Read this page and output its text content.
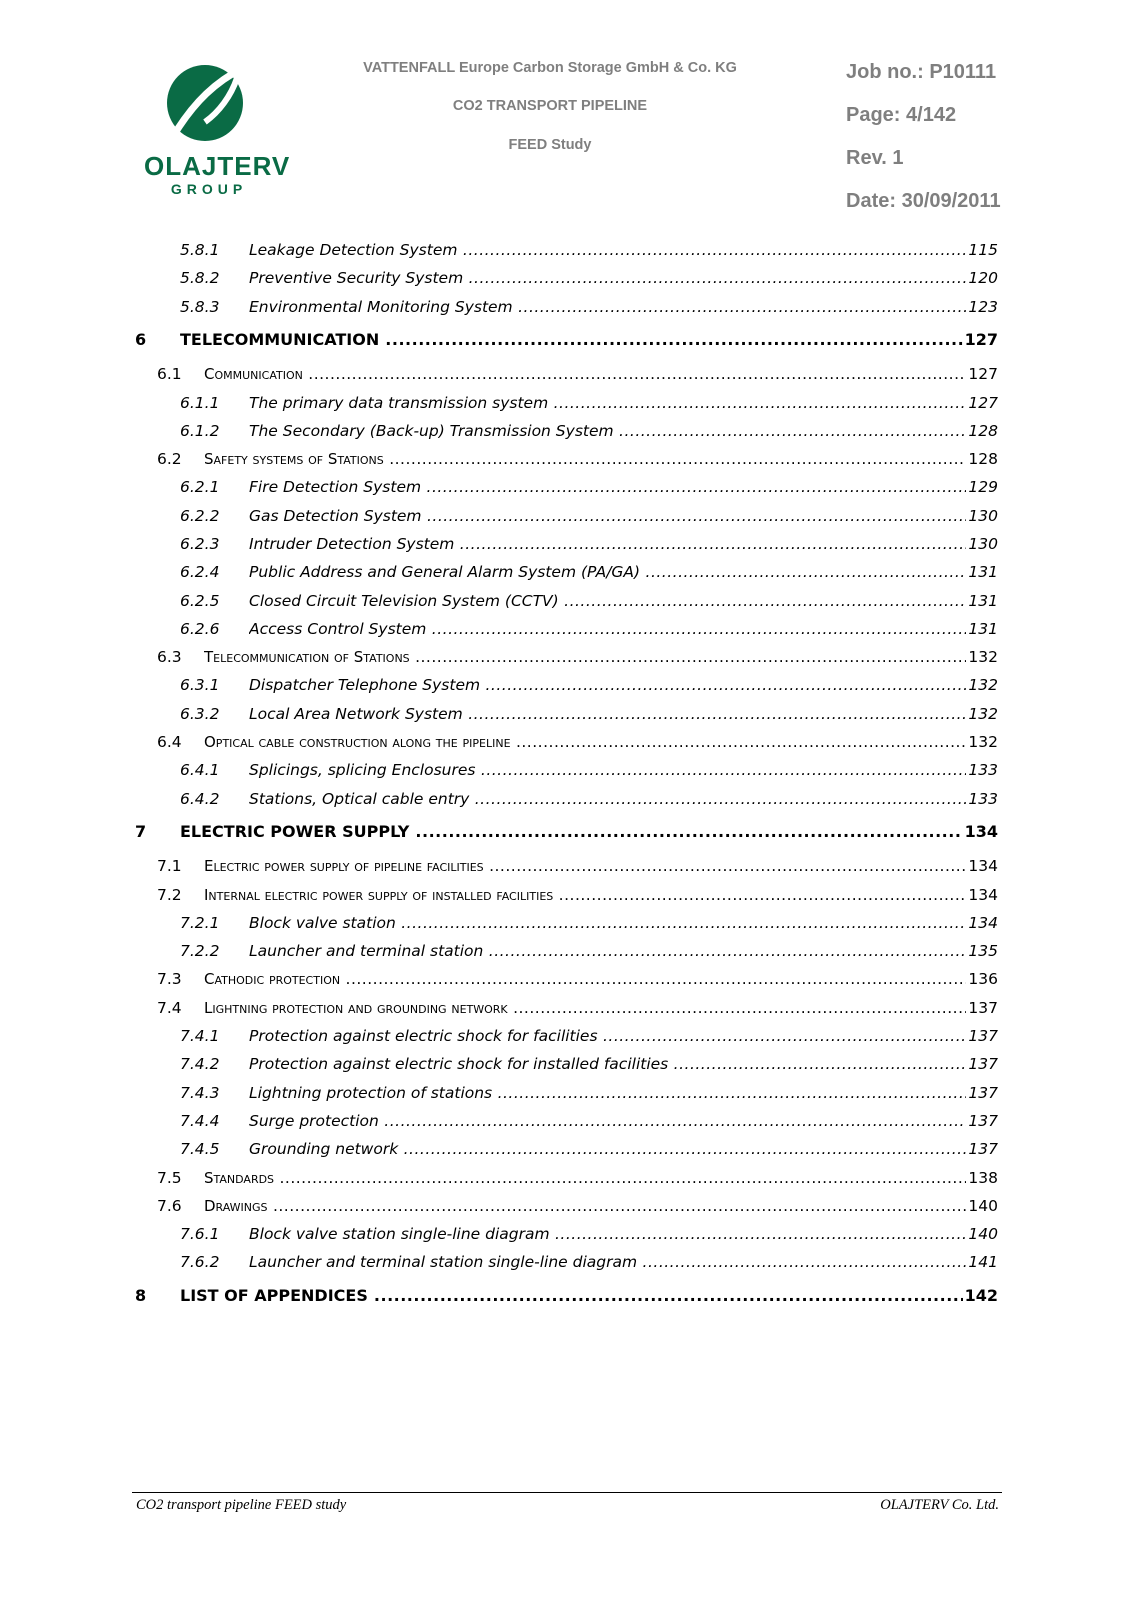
OLAJTERV
GROUP
VATTENFALL Europe Carbon Storage GmbH & Co. KG
CO2 TRANSPORT PIPELINE
FEED Study
Job no.: P10111
Page: 4/142
Rev. 1
Date: 30/09/2011
5.8.1 Leakage Detection System .....	115
5.8.2 Preventive Security System .....	120
5.8.3 Environmental Monitoring System .....	123
6 TELECOMMUNICATION .....	127
6.1 Communication .....	127
6.1.1 The primary data transmission system .....	127
6.1.2 The Secondary (Back-up) Transmission System .....	128
6.2 Safety systems of Stations .....	128
6.2.1 Fire Detection System .....	129
6.2.2 Gas Detection System .....	130
6.2.3 Intruder Detection System .....	130
6.2.4 Public Address and General Alarm System (PA/GA) .....	131
6.2.5 Closed Circuit Television System (CCTV) .....	131
6.2.6 Access Control System .....	131
6.3 Telecommunication of Stations .....	132
6.3.1 Dispatcher Telephone System .....	132
6.3.2 Local Area Network System .....	132
6.4 Optical cable construction along the pipeline .....	132
6.4.1 Splicings, splicing Enclosures .....	133
6.4.2 Stations, Optical cable entry .....	133
7 ELECTRIC POWER SUPPLY .....	134
7.1 Electric power supply of pipeline facilities .....	134
7.2 Internal electric power supply of installed facilities .....	134
7.2.1 Block valve station .....	134
7.2.2 Launcher and terminal station .....	135
7.3 Cathodic protection .....	136
7.4 Lightning protection and grounding network .....	137
7.4.1 Protection against electric shock for facilities .....	137
7.4.2 Protection against electric shock for installed facilities .....	137
7.4.3 Lightning protection of stations .....	137
7.4.4 Surge protection .....	137
7.4.5 Grounding network .....	137
7.5 Standards .....	138
7.6 Drawings .....	140
7.6.1 Block valve station single-line diagram .....	140
7.6.2 Launcher and terminal station single-line diagram .....	141
8 LIST OF APPENDICES .....	142
CO2 transport pipeline FEED study	OLAJTERV Co. Ltd.
